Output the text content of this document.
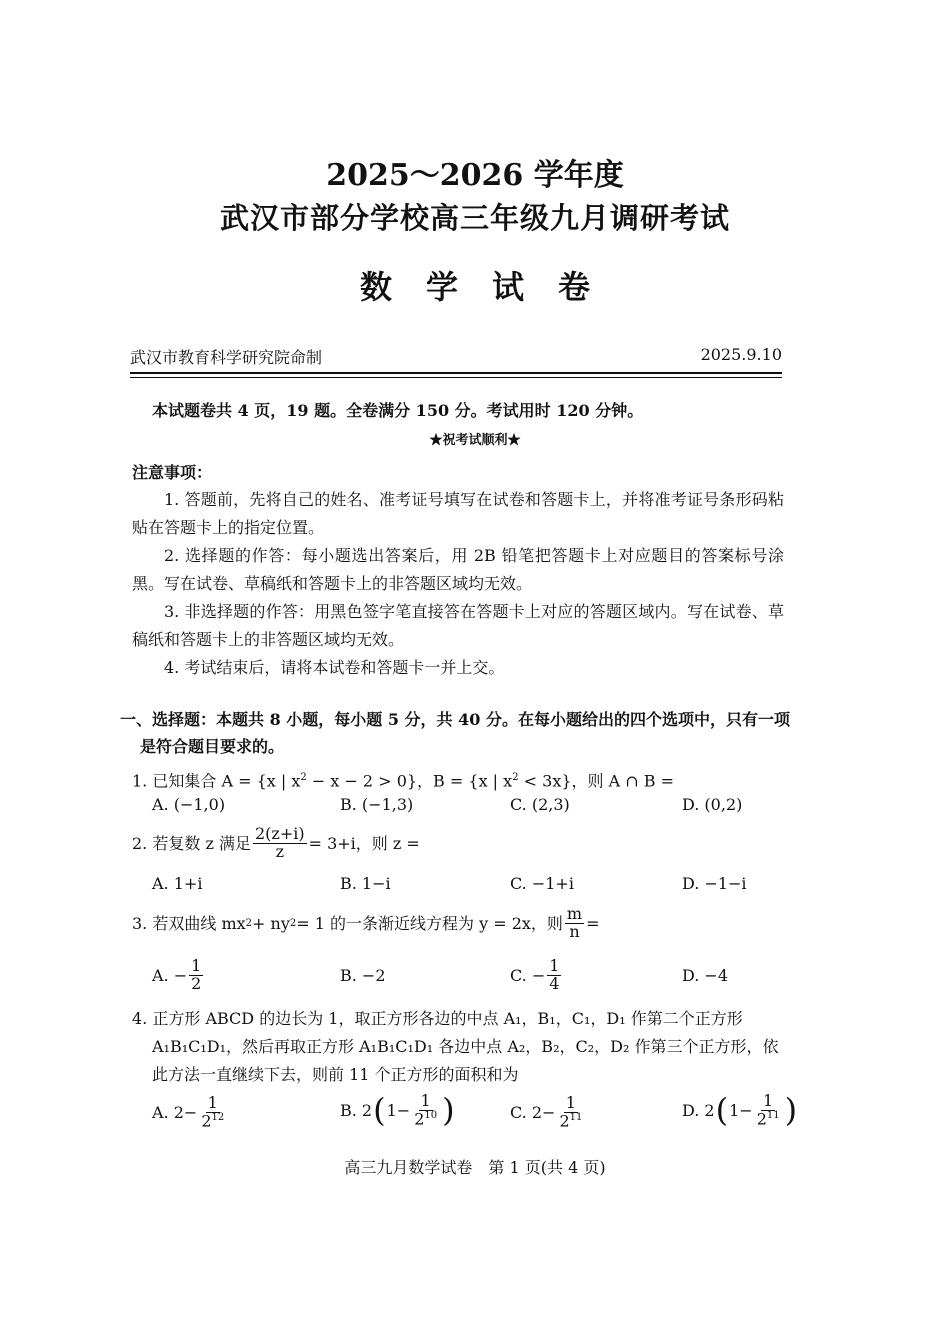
2025～2026 学年度
武汉市部分学校高三年级九月调研考试
数学试卷
武汉市教育科学研究院命制	2025.9.10
本试题卷共 4 页，19 题。全卷满分 150 分。考试用时 120 分钟。
★祝考试顺利★
注意事项：
1. 答题前，先将自己的姓名、准考证号填写在试卷和答题卡上，并将准考证号条形码粘贴在答题卡上的指定位置。
2. 选择题的作答：每小题选出答案后，用 2B 铅笔把答题卡上对应题目的答案标号涂黑。写在试卷、草稿纸和答题卡上的非答题区域均无效。
3. 非选择题的作答：用黑色签字笔直接答在答题卡上对应的答题区域内。写在试卷、草稿纸和答题卡上的非答题区域均无效。
4. 考试结束后，请将本试卷和答题卡一并上交。
一、选择题：本题共 8 小题，每小题 5 分，共 40 分。在每小题给出的四个选项中，只有一项是符合题目要求的。
1. 已知集合 A = {x | $x^2 - x - 2 > 0$}，B = {x | $x^2 < 3x$}，则 A ∩ B =
A. (−1,0)	B. (−1,3)	C. (2,3)	D. (0,2)
2.
若复数 z 满足 $\frac{2(z+i)}{z} = 3+i$，则 z =
A. 1+i	B. 1−i	C. −1+i	D. −1−i
3.
若双曲线 mx 2 + ny 2 = 1 的一条渐近线方程为 y = 2x，则 $\frac{m}{n}$ =
A. − $\frac{1}{2}$	B. −2	C. − $\frac{1}{4}$	D. −4
4. 正方形 ABCD 的边长为 1，取正方形各边的中点 A₁，B₁，C₁，D₁ 作第二个正方形 A₁B₁C₁D₁，然后再取正方形 A₁B₁C₁D₁ 各边中点 A₂，B₂，C₂，D₂ 作第三个正方形，依此方法一直继续下去，则前 11 个正方形的面积和为
A. $2- \frac{1}{2^{12}}$	B. 2 ( $1- \frac{1}{2^{10}}$ )	C. $2- \frac{1}{2^{11}}$	D. 2 ( $1- \frac{1}{2^{11}}$ )
高三九月数学试卷　第 1 页(共 4 页)
